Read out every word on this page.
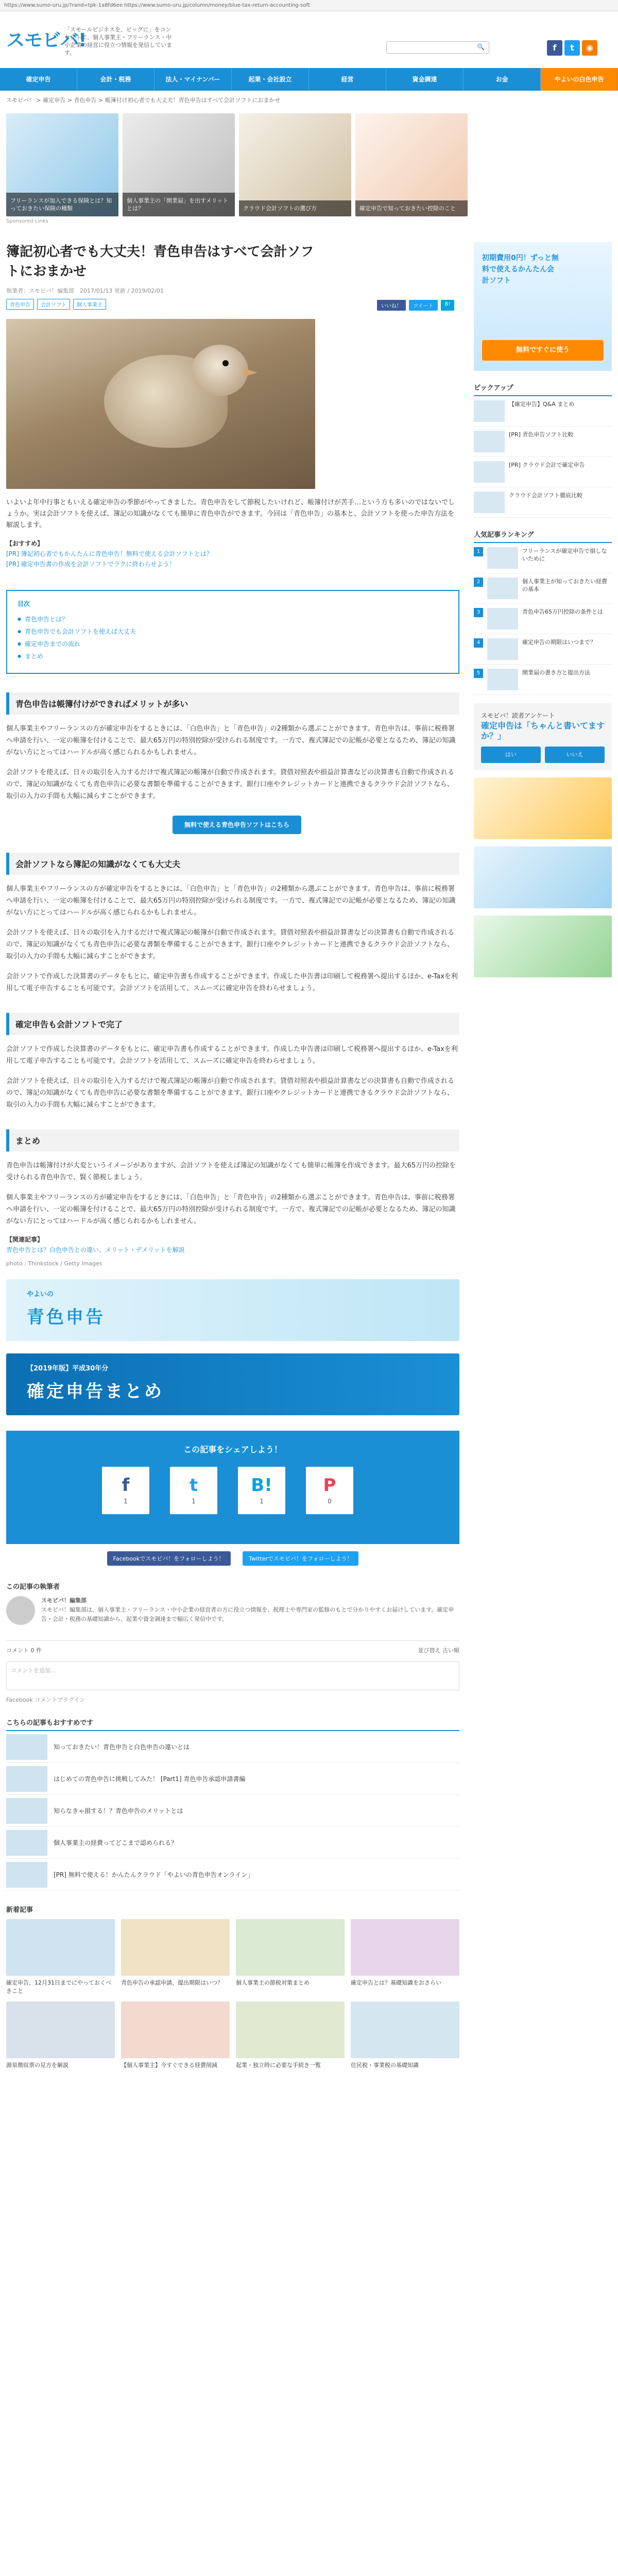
https://www.sumo-uru.jp/?rand=tpk-1a8fd6ee https://www.sumo-uru.jp/column/money/blue-tax-return-accounting-soft
スモビバ!
「スモールビジネスを、ビッグに」をコンセプトに、個人事業主・フリーランス・中小企業の経営に役立つ情報を発信しています。
🔍	f	t	◉
確定申告	会計・税務	法人・マイナンバー	起業・会社設立	経営	資金調達	お金	やよいの白色申告
スモビバ！ > 確定申告 > 青色申告 > 帳簿付け初心者でも大丈夫！青色申告はすべて会計ソフトにおまかせ
フリーランスが加入できる保険とは？知っておきたい保険の種類
個人事業主の「開業届」を出すメリットとは？	クラウド会計ソフトの選び方	確定申告で知っておきたい控除のこと
Sponsored Links
簿記初心者でも大丈夫！青色申告はすべて会計ソフトにおまかせ
執筆者：スモビバ！編集部　2017/01/13 更新 / 2019/02/01
青色申告	会計ソフト	個人事業主	いいね！	ツイート	B!

いよいよ年中行事ともいえる確定申告の季節がやってきました。青色申告をして節税したいけれど、帳簿付けが苦手…という方も多いのではないでしょうか。実は会計ソフトを使えば、簿記の知識がなくても簡単に青色申告ができます。今回は「青色申告」の基本と、会計ソフトを使った申告方法を解説します。

【おすすめ】
[PR] 簿記初心者でもかんたんに青色申告！無料で使える会計ソフトとは？
[PR] 確定申告書の作成を会計ソフトでラクに終わらせよう！
目次
● 青色申告とは？
● 青色申告でも会計ソフトを使えば大丈夫
● 確定申告までの流れ
● まとめ
青色申告は帳簿付けができればメリットが多い

個人事業主やフリーランスの方が確定申告をするときには、「白色申告」と「青色申告」の2種類から選ぶことができます。青色申告は、事前に税務署へ申請を行い、一定の帳簿を付けることで、最大65万円の特別控除が受けられる制度です。一方で、複式簿記での記帳が必要となるため、簿記の知識がない方にとってはハードルが高く感じられるかもしれません。

会計ソフトを使えば、日々の取引を入力するだけで複式簿記の帳簿が自動で作成されます。貸借対照表や損益計算書などの決算書も自動で作成されるので、簿記の知識がなくても青色申告に必要な書類を準備することができます。銀行口座やクレジットカードと連携できるクラウド会計ソフトなら、取引の入力の手間も大幅に減らすことができます。

無料で使える青色申告ソフトはこちら
会計ソフトなら簿記の知識がなくても大丈夫

個人事業主やフリーランスの方が確定申告をするときには、「白色申告」と「青色申告」の2種類から選ぶことができます。青色申告は、事前に税務署へ申請を行い、一定の帳簿を付けることで、最大65万円の特別控除が受けられる制度です。一方で、複式簿記での記帳が必要となるため、簿記の知識がない方にとってはハードルが高く感じられるかもしれません。

会計ソフトを使えば、日々の取引を入力するだけで複式簿記の帳簿が自動で作成されます。貸借対照表や損益計算書などの決算書も自動で作成されるので、簿記の知識がなくても青色申告に必要な書類を準備することができます。銀行口座やクレジットカードと連携できるクラウド会計ソフトなら、取引の入力の手間も大幅に減らすことができます。

会計ソフトで作成した決算書のデータをもとに、確定申告書も作成することができます。作成した申告書は印刷して税務署へ提出するほか、e-Taxを利用して電子申告することも可能です。会計ソフトを活用して、スムーズに確定申告を終わらせましょう。

確定申告も会計ソフトで完了

会計ソフトで作成した決算書のデータをもとに、確定申告書も作成することができます。作成した申告書は印刷して税務署へ提出するほか、e-Taxを利用して電子申告することも可能です。会計ソフトを活用して、スムーズに確定申告を終わらせましょう。

会計ソフトを使えば、日々の取引を入力するだけで複式簿記の帳簿が自動で作成されます。貸借対照表や損益計算書などの決算書も自動で作成されるので、簿記の知識がなくても青色申告に必要な書類を準備することができます。銀行口座やクレジットカードと連携できるクラウド会計ソフトなら、取引の入力の手間も大幅に減らすことができます。

まとめ

青色申告は帳簿付けが大変というイメージがありますが、会計ソフトを使えば簿記の知識がなくても簡単に帳簿を作成できます。最大65万円の控除を受けられる青色申告で、賢く節税しましょう。

個人事業主やフリーランスの方が確定申告をするときには、「白色申告」と「青色申告」の2種類から選ぶことができます。青色申告は、事前に税務署へ申請を行い、一定の帳簿を付けることで、最大65万円の特別控除が受けられる制度です。一方で、複式簿記での記帳が必要となるため、簿記の知識がない方にとってはハードルが高く感じられるかもしれません。

【関連記事】
青色申告とは？白色申告との違い、メリット・デメリットを解説

photo : Thinkstock / Getty Images

やよいの
青色申告
【2019年版】平成30年分
確定申告まとめ
この記事をシェアしよう！
f
1
t
1
B!
1
P
0
Facebookでスモビバ！をフォローしよう！	Twitterでスモビバ！をフォローしよう！
この記事の執筆者

スモビバ！編集部

スモビバ！編集部は、個人事業主・フリーランス・中小企業の経営者の方に役立つ情報を、税理士や専門家の監修のもとで分かりやすくお届けしています。確定申告・会計・税務の基礎知識から、起業や資金調達まで幅広く発信中です。

コメント 0 件	並び替え 古い順
コメントを追加...
Facebook コメントプラグイン
こちらの記事もおすすめです
知っておきたい！青色申告と白色申告の違いとは
はじめての青色申告に挑戦してみた！ [Part1] 青色申告承認申請書編
知らなきゃ損する！？青色申告のメリットとは
個人事業主の経費ってどこまで認められる？
[PR] 無料で使える！かんたんクラウド「やよいの青色申告オンライン」
新着記事
確定申告、12月31日までにやっておくべきこと
青色申告の承認申請、提出期限はいつ？	個人事業主の節税対策まとめ	確定申告とは？基礎知識をおさらい
源泉徴収票の見方を解説	【個人事業主】今すぐできる経費削減	起業・独立時に必要な手続き一覧	住民税・事業税の基礎知識
初期費用0円！ずっと無料で使えるかんたん会計ソフト
無料ですぐに使う
ピックアップ
【確定申告】Q&A まとめ
[PR] 青色申告ソフト比較
[PR] クラウド会計で確定申告
クラウド会計ソフト徹底比較
人気記事ランキング
1	フリーランスが確定申告で損しないために
2	個人事業主が知っておきたい経費の基本
3	青色申告65万円控除の条件とは
4	確定申告の期限はいつまで？
5	開業届の書き方と提出方法
スモビバ！読者アンケート
確定申告は「ちゃんと書いてますか？」
はい	いいえ
